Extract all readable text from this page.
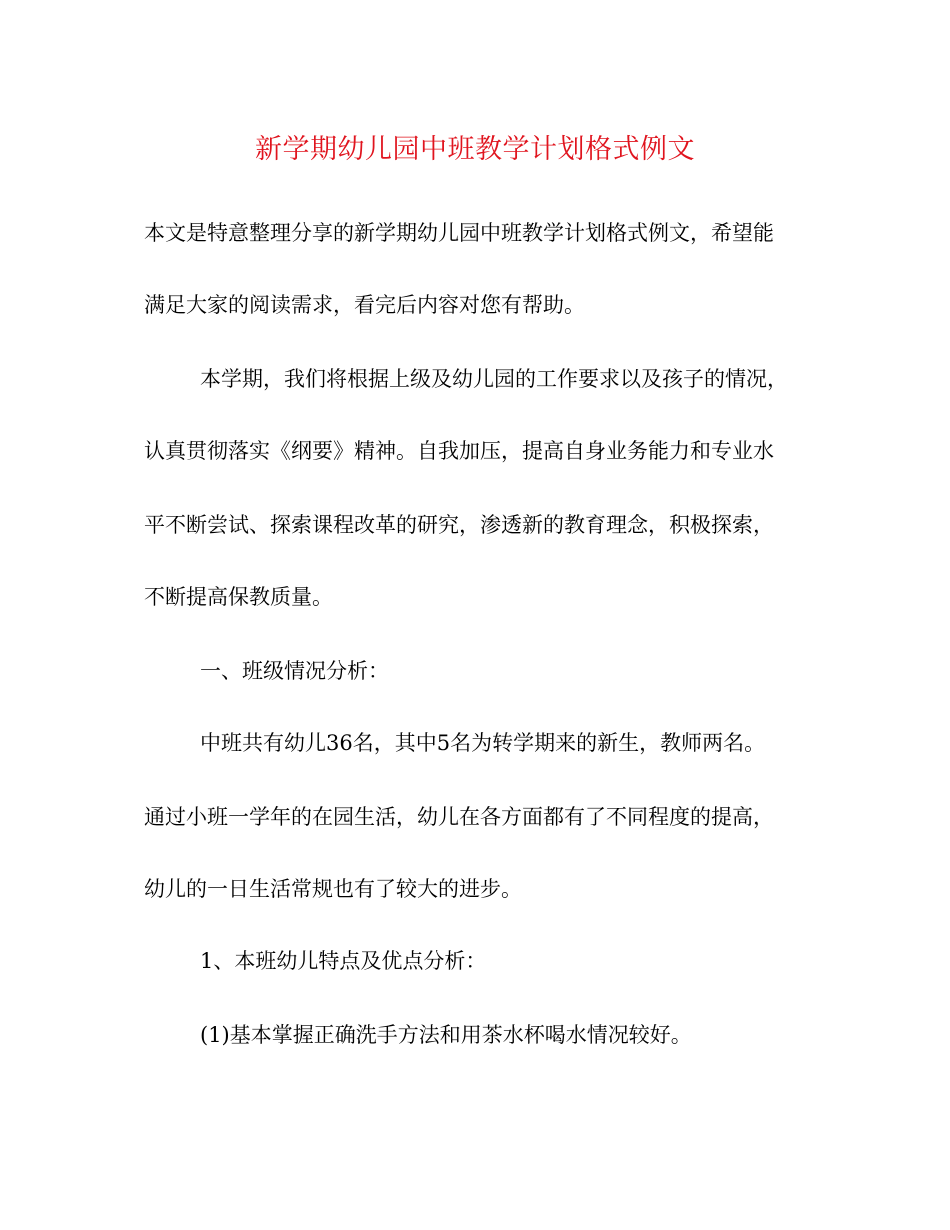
新学期幼儿园中班教学计划格式例文
本文是特意整理分享的新学期幼儿园中班教学计划格式例文，希望能
满足大家的阅读需求，看完后内容对您有帮助。
本学期，我们将根据上级及幼儿园的工作要求以及孩子的情况，
认真贯彻落实《纲要》精神。自我加压，提高自身业务能力和专业水
平不断尝试、探索课程改革的研究，渗透新的教育理念，积极探索，
不断提高保教质量。
一、班级情况分析：
中班共有幼儿36名，其中5名为转学期来的新生，教师两名。
通过小班一学年的在园生活，幼儿在各方面都有了不同程度的提高，
幼儿的一日生活常规也有了较大的进步。
1、本班幼儿特点及优点分析：
(1)基本掌握正确洗手方法和用茶水杯喝水情况较好。
